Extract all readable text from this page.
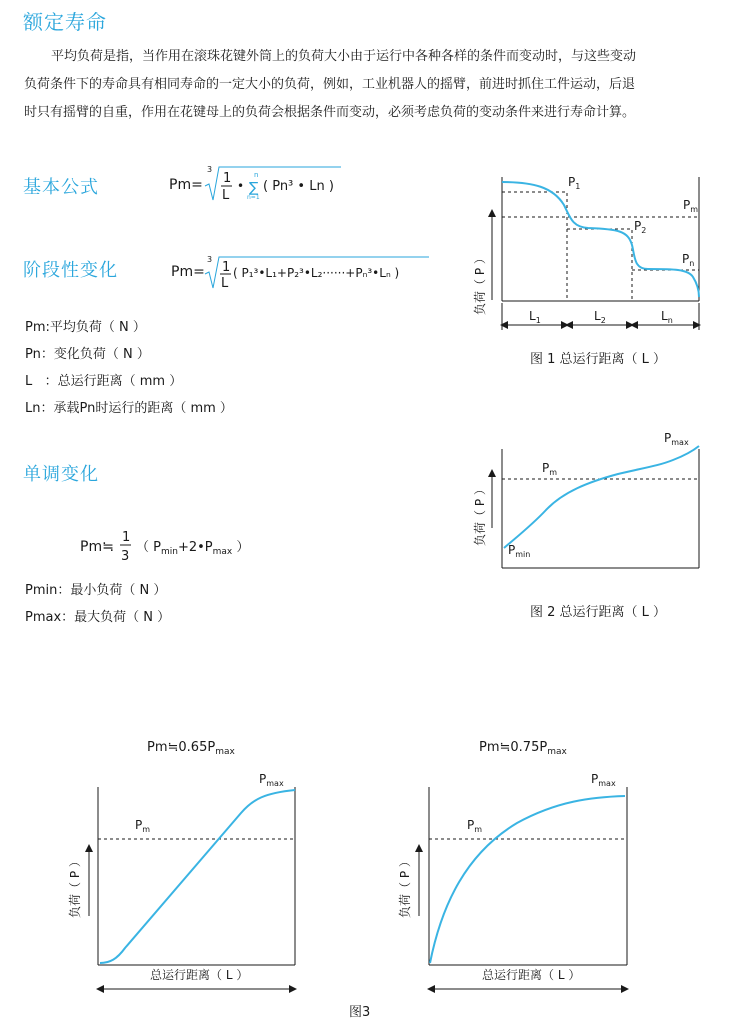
额定寿命
平均负荷是指，当作用在滚珠花键外筒上的负荷大小由于运行中各种各样的条件而变动时，与这些变动
负荷条件下的寿命具有相同寿命的一定大小的负荷，例如，工业机器人的摇臂，前进时抓住工件运动，后退
时只有摇臂的自重，作用在花键母上的负荷会根据条件而变动，必须考虑负荷的变动条件来进行寿命计算。
基本公式	Pm=
3
1
L
•
n
∑
n=1
( Pn³ • Ln )
阶段性变化	Pm=
3
1
L
( P₁³•L₁+P₂³•L₂······+Pₙ³•Lₙ )
Pm:平均负荷（ N ）
Pn：变化负荷（ N ）
L   ：总运行距离（ mm ）
Ln：承载Pn时运行的距离（ mm ）
单调变化
Pm≒
1
3
（ $P_{min}+2•P_{max}$ ）
Pmin：最小负荷（ N ）
Pmax：最大负荷（ N ）
负荷（ P ）
$P_1$
$P_m$
$P_2$
$P_n$
$L_1$	$L_2$	$L_n$
图 1 总运行距离（ L ）
负荷（ P ）
$P_m$
$P_{min}$
$P_{max}$
图 2 总运行距离（ L ）
$Pm≒0.65P_{max}$
负荷（ P ）
$P_m$
$P_{max}$
总运行距离（ L ）
$Pm≒0.75P_{max}$
负荷（ P ）
$P_m$
$P_{max}$
总运行距离（ L ）
图3
